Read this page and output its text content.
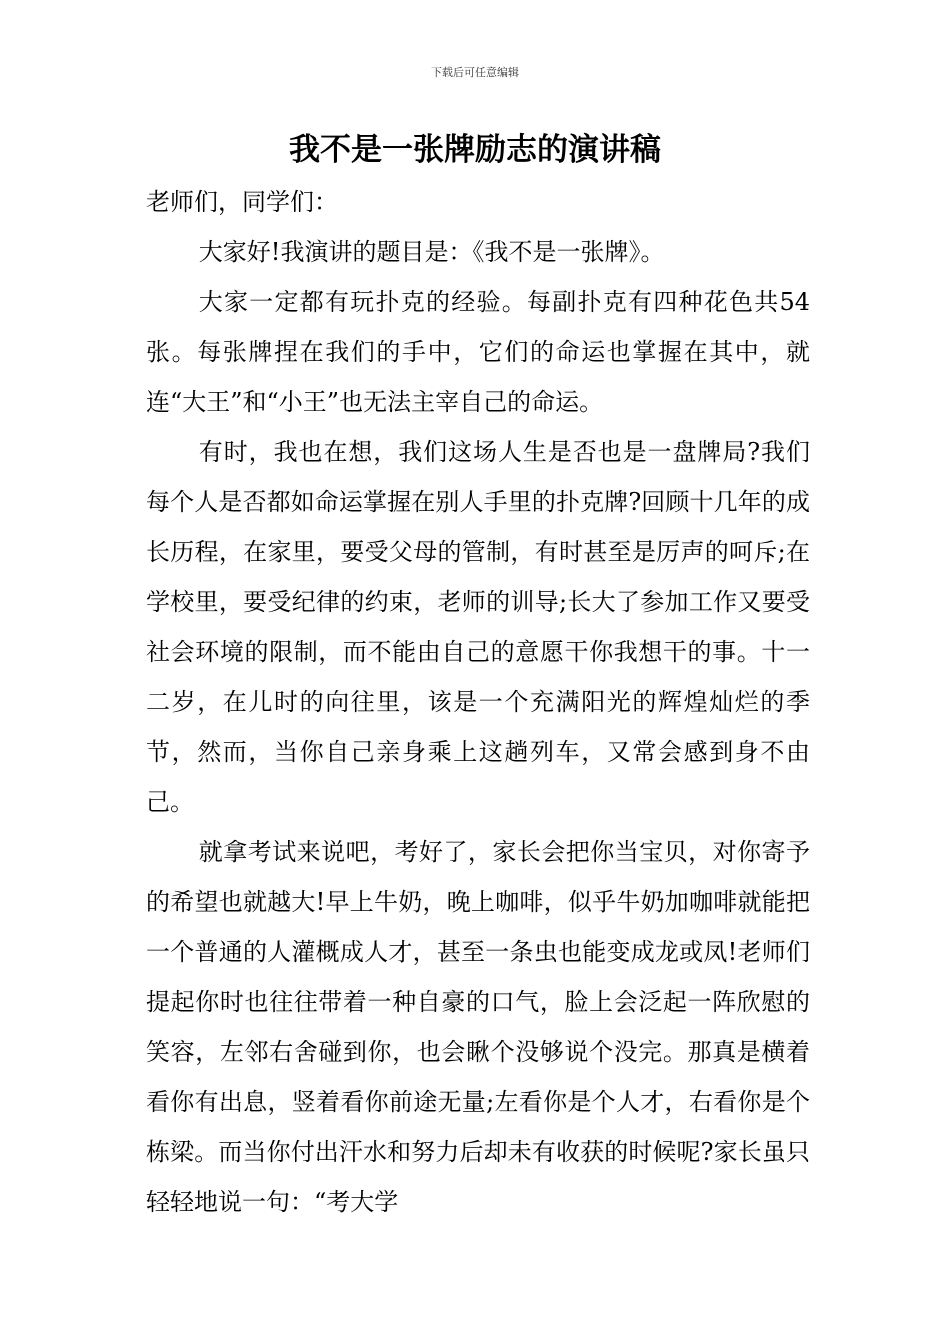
下载后可任意编辑
我不是一张牌励志的演讲稿

老师们，同学们：

大家好!我演讲的题目是：《我不是一张牌》。

大家一定都有玩扑克的经验。每副扑克有四种花色共54张。每张牌捏在我们的手中，它们的命运也掌握在其中，就连“大王”和“小王”也无法主宰自己的命运。

有时，我也在想，我们这场人生是否也是一盘牌局?我们每个人是否都如命运掌握在别人手里的扑克牌?回顾十几年的成长历程，在家里，要受父母的管制，有时甚至是厉声的呵斥;在学校里，要受纪律的约束，老师的训导;长大了参加工作又要受社会环境的限制，而不能由自己的意愿干你我想干的事。十一二岁，在儿时的向往里，该是一个充满阳光的辉煌灿烂的季节，然而，当你自己亲身乘上这趟列车，又常会感到身不由己。

就拿考试来说吧，考好了，家长会把你当宝贝，对你寄予的希望也就越大!早上牛奶，晚上咖啡，似乎牛奶加咖啡就能把一个普通的人灌概成人才，甚至一条虫也能变成龙或凤!老师们提起你时也往往带着一种自豪的口气，脸上会泛起一阵欣慰的笑容，左邻右舍碰到你，也会瞅个没够说个没完。那真是横着看你有出息，竖着看你前途无量;左看你是个人才，右看你是个栋梁。而当你付出汗水和努力后却未有收获的时候呢?家长虽只轻轻地说一句：“考大学
